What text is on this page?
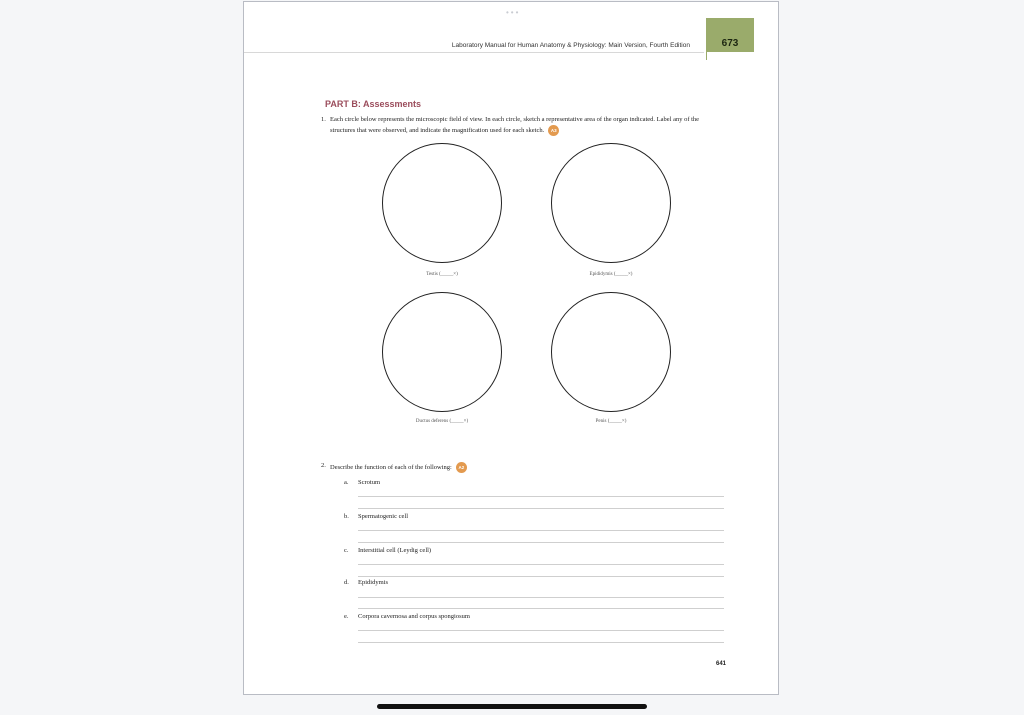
•••
Laboratory Manual for Human Anatomy & Physiology: Main Version, Fourth Edition	673
PART B: Assessments
1. Each circle below represents the microscopic field of view. In each circle, sketch a representative area of the organ indicated. Label any of the structures that were observed, and indicate the magnification used for each sketch. A3
Testis (_____×)	Epididymis (_____×)
Ductus deferens (_____×)	Penis (_____×)
2. Describe the function of each of the following: A2
a. Scrotum
b. Spermatogenic cell
c. Interstitial cell (Leydig cell)
d. Epididymis
e. Corpora cavernosa and corpus spongiosum
641
